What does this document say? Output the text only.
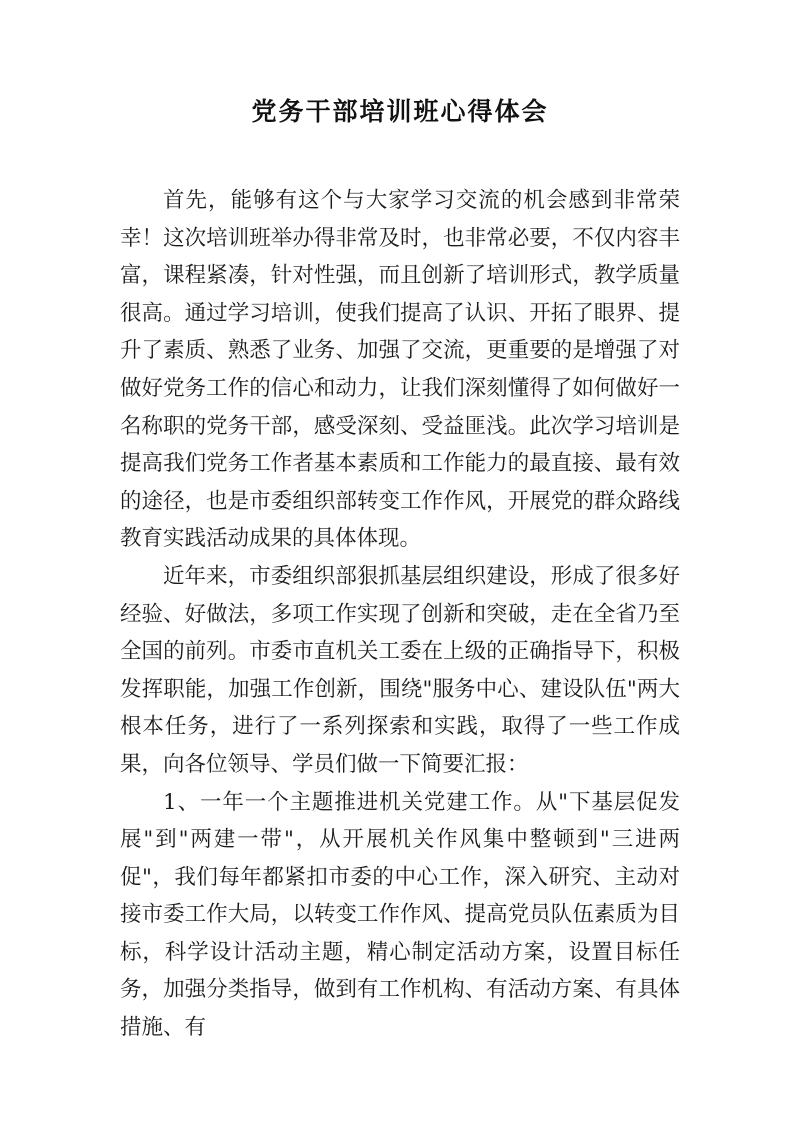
党务干部培训班心得体会

首先，能够有这个与大家学习交流的机会感到非常荣幸！这次培训班举办得非常及时，也非常必要，不仅内容丰富，课程紧凑，针对性强，而且创新了培训形式，教学质量很高。通过学习培训，使我们提高了认识、开拓了眼界、提升了素质、熟悉了业务、加强了交流，更重要的是增强了对做好党务工作的信心和动力，让我们深刻懂得了如何做好一名称职的党务干部，感受深刻、受益匪浅。此次学习培训是提高我们党务工作者基本素质和工作能力的最直接、最有效的途径，也是市委组织部转变工作作风，开展党的群众路线教育实践活动成果的具体体现。

近年来，市委组织部狠抓基层组织建设，形成了很多好经验、好做法，多项工作实现了创新和突破，走在全省乃至全国的前列。市委市直机关工委在上级的正确指导下，积极发挥职能，加强工作创新，围绕"服务中心、建设队伍"两大根本任务，进行了一系列探索和实践，取得了一些工作成果，向各位领导、学员们做一下简要汇报：

1、一年一个主题推进机关党建工作。从"下基层促发展"到"两建一带"，从开展机关作风集中整顿到"三进两促"，我们每年都紧扣市委的中心工作，深入研究、主动对接市委工作大局，以转变工作作风、提高党员队伍素质为目标，科学设计活动主题，精心制定活动方案，设置目标任务，加强分类指导，做到有工作机构、有活动方案、有具体措施、有
